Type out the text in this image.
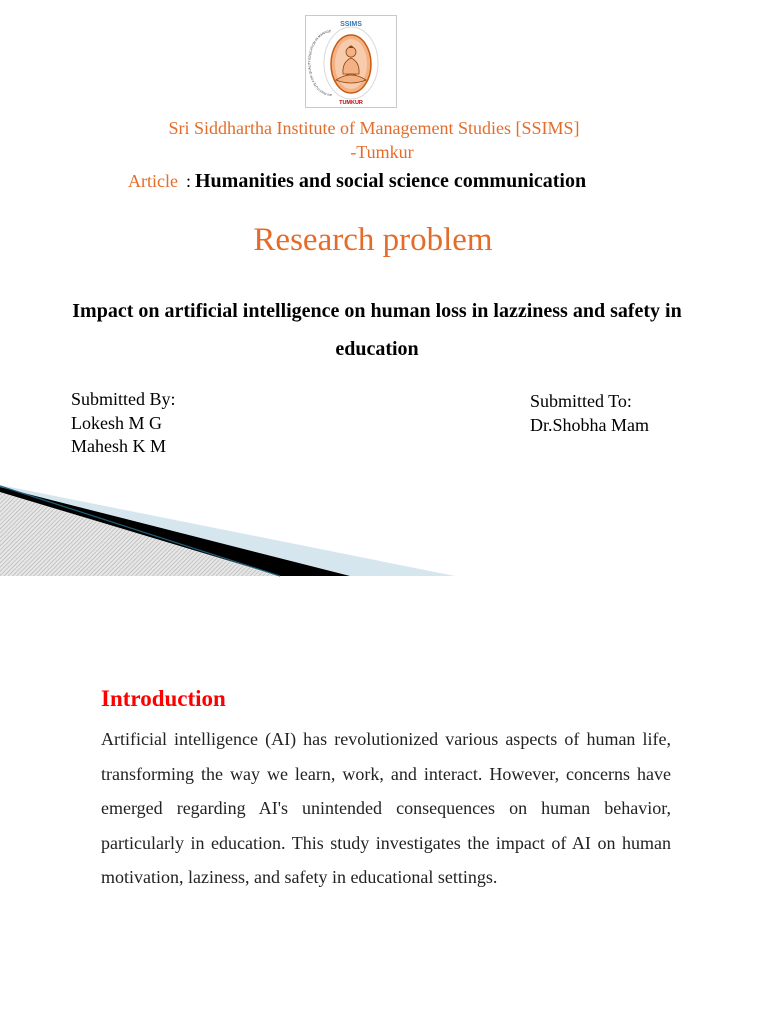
SSIMS
TUMKUR
AN INSTITUTE FOR QUALITY EDUCATION IN MANAGE
Sri Siddhartha Institute of Management Studies [SSIMS]
-Tumkur
Article : Humanities and social science communication
Research problem
Impact on artificial intelligence on human loss in lazziness and safety in education
Submitted By:
Lokesh M G
Mahesh K M
Submitted To:
Dr.Shobha Mam
Introduction
Artificial intelligence (AI) has revolutionized various aspects of human life, transforming the way we learn, work, and interact. However, concerns have emerged regarding AI's unintended consequences on human behavior, particularly in education. This study investigates the impact of AI on human motivation, laziness, and safety in educational settings.
